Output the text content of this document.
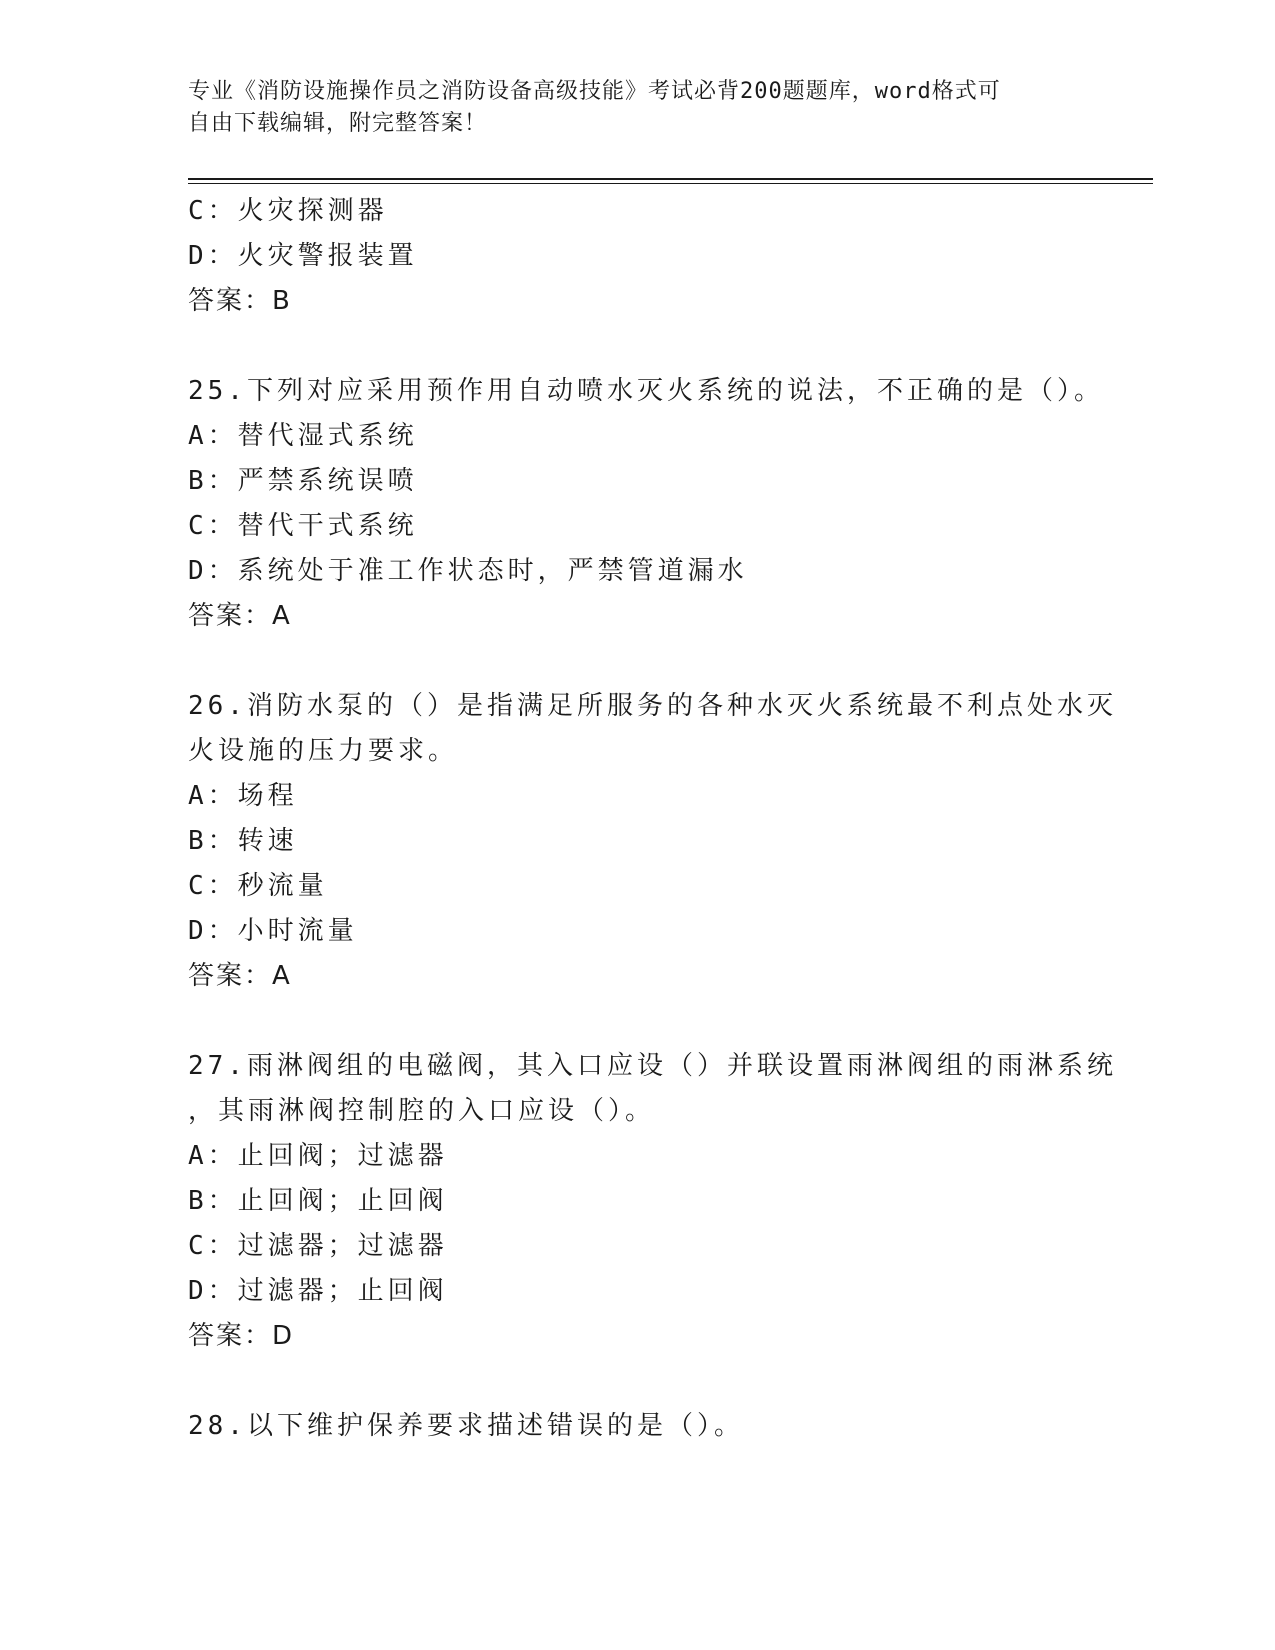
专业《消防设施操作员之消防设备高级技能》考试必背200题题库，word格式可
自由下载编辑，附完整答案！
C：火灾探测器
D：火灾警报装置
答案：B
25.下列对应采用预作用自动喷水灭火系统的说法，不正确的是（）。
A：替代湿式系统
B：严禁系统误喷
C：替代干式系统
D：系统处于准工作状态时，严禁管道漏水
答案：A
26.消防水泵的（）是指满足所服务的各种水灭火系统最不利点处水灭
火设施的压力要求。
A：场程
B：转速
C：秒流量
D：小时流量
答案：A
27.雨淋阀组的电磁阀，其入口应设（）并联设置雨淋阀组的雨淋系统
，其雨淋阀控制腔的入口应设（）。
A：止回阀；过滤器
B：止回阀；止回阀
C：过滤器；过滤器
D：过滤器；止回阀
答案：D
28.以下维护保养要求描述错误的是（）。
